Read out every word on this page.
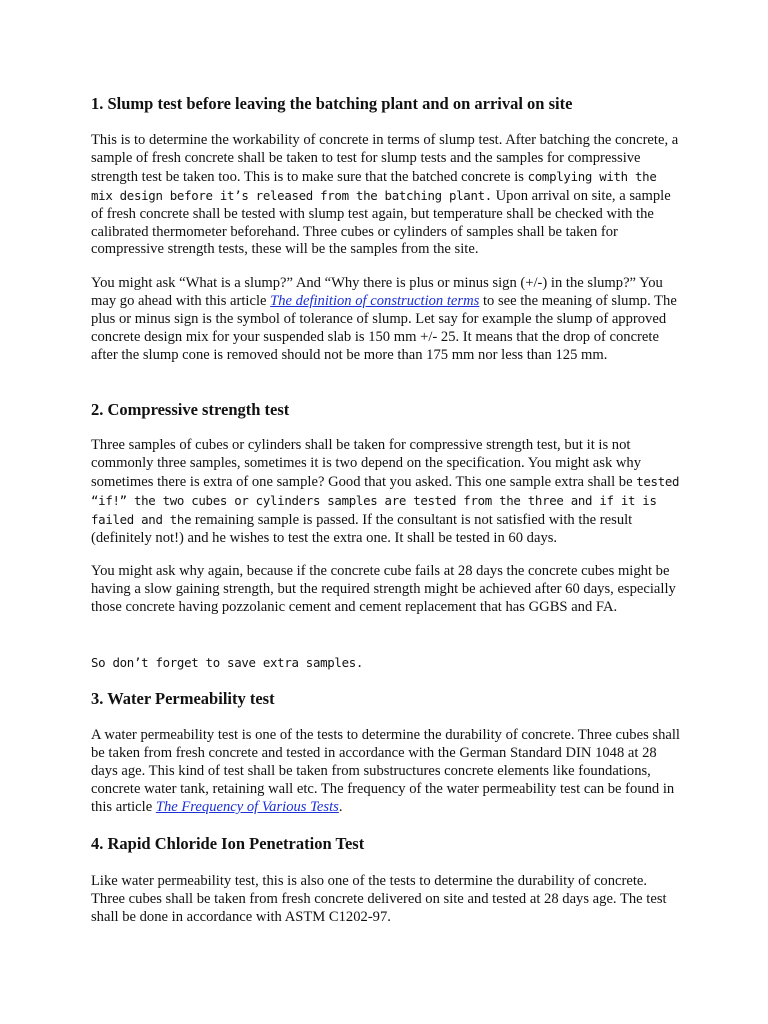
1. Slump test before leaving the batching plant and on arrival on site

This is to determine the workability of concrete in terms of slump test. After batching the concrete, a sample of fresh concrete shall be taken to test for slump tests and the samples for compressive strength test be taken too. This is to make sure that the batched concrete is complying with the mix design before it’s released from the batching plant. Upon arrival on site, a sample of fresh concrete shall be tested with slump test again, but temperature shall be checked with the calibrated thermometer beforehand. Three cubes or cylinders of samples shall be taken for compressive strength tests, these will be the samples from the site.

You might ask “What is a slump?” And “Why there is plus or minus sign (+/-) in the slump?” You may go ahead with this article The definition of construction terms to see the meaning of slump. The plus or minus sign is the symbol of tolerance of slump. Let say for example the slump of approved concrete design mix for your suspended slab is 150 mm +/- 25. It means that the drop of concrete after the slump cone is removed should not be more than 175 mm nor less than 125 mm.

2. Compressive strength test

Three samples of cubes or cylinders shall be taken for compressive strength test, but it is not commonly three samples, sometimes it is two depend on the specification. You might ask why sometimes there is extra of one sample? Good that you asked. This one sample extra shall be tested “if!” the two cubes or cylinders samples are tested from the three and if it is failed and the remaining sample is passed. If the consultant is not satisfied with the result (definitely not!) and he wishes to test the extra one. It shall be tested in 60 days.

You might ask why again, because if the concrete cube fails at 28 days the concrete cubes might be having a slow gaining strength, but the required strength might be achieved after 60 days, especially those concrete having pozzolanic cement and cement replacement that has GGBS and FA.

So don’t forget to save extra samples.

3. Water Permeability test

A water permeability test is one of the tests to determine the durability of concrete. Three cubes shall be taken from fresh concrete and tested in accordance with the German Standard DIN 1048 at 28 days age. This kind of test shall be taken from substructures concrete elements like foundations, concrete water tank, retaining wall etc. The frequency of the water permeability test can be found in this article The Frequency of Various Tests.

4. Rapid Chloride Ion Penetration Test

Like water permeability test, this is also one of the tests to determine the durability of concrete. Three cubes shall be taken from fresh concrete delivered on site and tested at 28 days age. The test shall be done in accordance with ASTM C1202-97.
